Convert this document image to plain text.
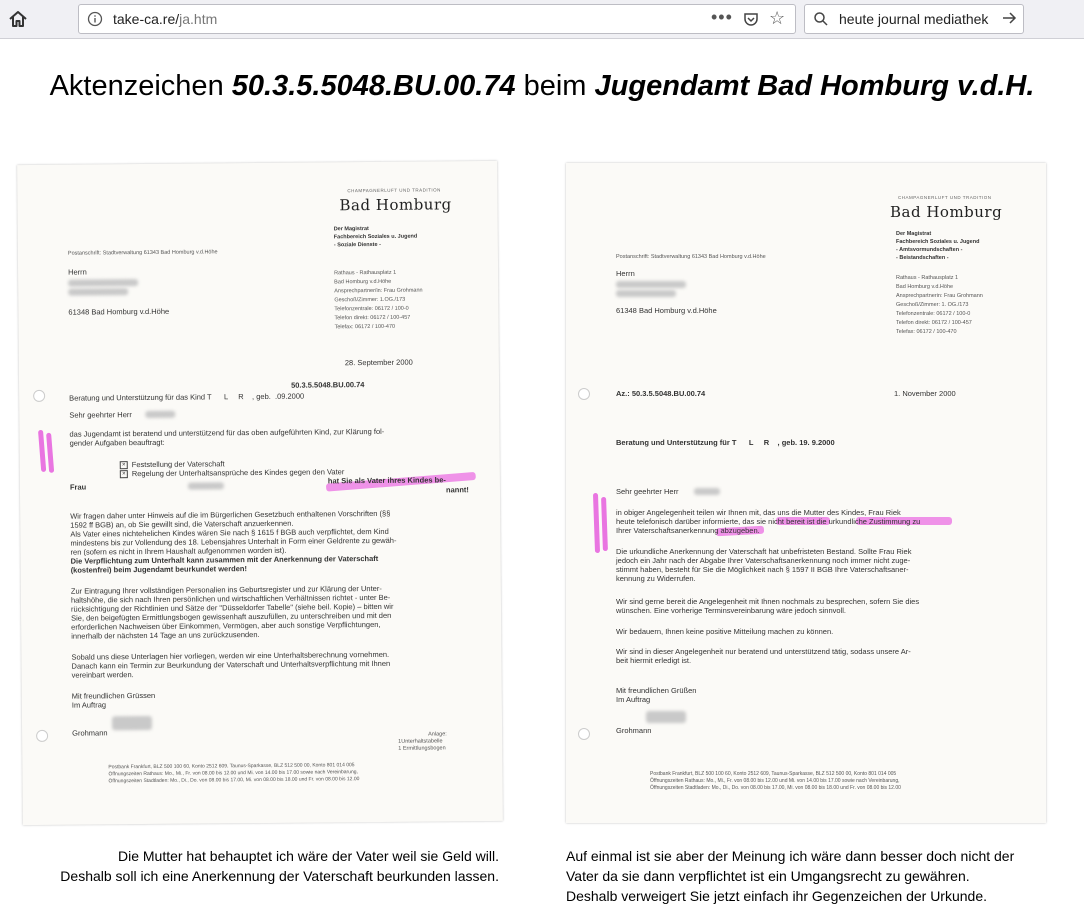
take-ca.re/ja.htm	••• ☆	heute journal mediathek
Aktenzeichen 50.3.5.5048.BU.00.74 beim Jugendamt Bad Homburg v.d.H.
CHAMPAGNERLUFT UND TRADITION
Bad Homburg
Postanschrift: Stadtverwaltung 61343 Bad Homburg v.d.Höhe
Der Magistrat
Fachbereich Soziales u. Jugend
- Soziale Dienste -
Herrn
61348 Bad Homburg v.d.Höhe
Rathaus - Rathausplatz 1
Bad Homburg v.d.Höhe
Ansprechpartner/in: Frau Grohmann
Geschoß/Zimmer: 1.OG./173
Telefonzentrale: 06172 / 100-0
Telefon direkt: 06172 / 100-457
Telefax: 06172 / 100-470
28. September 2000
50.3.5.5048.BU.00.74
Beratung und Unterstützung für das Kind T      L     R    , geb.  .09.2000
Sehr geehrter Herr
das Jugendamt ist beratend und unterstützend für das oben aufgeführten Kind, zur Klärung fol-
gender Aufgaben beauftragt:
× Feststellung der Vaterschaft
× Regelung der Unterhaltsansprüche des Kindes gegen den Vater
Frau
hat Sie als Vater ihres Kindes be-
nannt!
Wir fragen daher unter Hinweis auf die im Bürgerlichen Gesetzbuch enthaltenen Vorschriften (§§
1592 ff BGB) an, ob Sie gewillt sind, die Vaterschaft anzuerkennen.
Als Vater eines nichtehelichen Kindes wären Sie nach § 1615 f BGB auch verpflichtet, dem Kind
mindestens bis zur Vollendung des 18. Lebensjahres Unterhalt in Form einer Geldrente zu gewäh-
ren (sofern es nicht in Ihrem Haushalt aufgenommen worden ist).
Die Verpflichtung zum Unterhalt kann zusammen mit der Anerkennung der Vaterschaft
(kostenfrei) beim Jugendamt beurkundet werden!
Zur Eintragung Ihrer vollständigen Personalien ins Geburtsregister und zur Klärung der Unter-
haltshöhe, die sich nach Ihren persönlichen und wirtschaftlichen Verhältnissen richtet - unter Be-
rücksichtigung der Richtlinien und Sätze der "Düsseldorfer Tabelle" (siehe beil. Kopie) – bitten wir
Sie, den beigefügten Ermittlungsbogen gewissenhaft auszufüllen, zu unterschreiben und mit den
erforderlichen Nachweisen über Einkommen, Vermögen, aber auch sonstige Verpflichtungen,
innerhalb der nächsten 14 Tage an uns zurückzusenden.
Sobald uns diese Unterlagen hier vorliegen, werden wir eine Unterhaltsberechnung vornehmen.
Danach kann ein Termin zur Beurkundung der Vaterschaft und Unterhaltsverpflichtung mit Ihnen
vereinbart werden.
Mit freundlichen Grüssen
Im Auftrag
Grohmann	Anlage:
1Unterhaltstabelle
1 Ermittlungsbogen
Postbank Frankfurt, BLZ 500 100 60, Konto 2512 609, Taunus-Sparkasse, BLZ 512 500 00, Konto 801 014 005
Öffnungszeiten Rathaus: Mo., Mi., Fr. von 08.00 bis 12.00 und Mi. von 14.00 bis 17.00 sowie nach Vereinbarung,
Öffnungszeiten Stadtladen: Mo., Di., Do. von 08.00 bis 17.00, Mi. von 08.00 bis 18.00 und Fr. von 08.00 bis 12.00
CHAMPAGNERLUFT UND TRADITION
Bad Homburg
Postanschrift: Stadtverwaltung 61343 Bad Homburg v.d.Höhe
Der Magistrat
Fachbereich Soziales u. Jugend
- Amtsvormundschaften -
- Beistandschaften -
Herrn
61348 Bad Homburg v.d.Höhe
Rathaus - Rathausplatz 1
Bad Homburg v.d.Höhe
Ansprechpartnerin: Frau Grohmann
Geschoß/Zimmer: 1. OG./173
Telefonzentrale: 06172 / 100-0
Telefon direkt: 06172 / 100-457
Telefax: 06172 / 100-470
Az.: 50.3.5.5048.BU.00.74	1. November 2000
Beratung und Unterstützung für T      L     R    , geb. 19. 9.2000
Sehr geehrter Herr
in obiger Angelegenheit teilen wir Ihnen mit, das uns die Mutter des Kindes, Frau Riek
heute telefonisch darüber informierte, das sie nicht bereit ist die urkundliche Zustimmung zu
Ihrer Vaterschaftsanerkennung abzugeben.
Die urkundliche Anerkennung der Vaterschaft hat unbefristeten Bestand. Sollte Frau Riek
jedoch ein Jahr nach der Abgabe Ihrer Vaterschaftsanerkennung noch immer nicht zuge-
stimmt haben, besteht für Sie die Möglichkeit nach § 1597 II BGB Ihre Vaterschaftsaner-
kennung zu Widerrufen.
Wir sind gerne bereit die Angelegenheit mit Ihnen nochmals zu besprechen, sofern Sie dies
wünschen. Eine vorherige Terminsvereinbarung wäre jedoch sinnvoll.
Wir bedauern, Ihnen keine positive Mitteilung machen zu können.
Wir sind in dieser Angelegenheit nur beratend und unterstützend tätig, sodass unsere Ar-
beit hiermit erledigt ist.
Mit freundlichen Grüßen
Im Auftrag
Grohmann
Postbank Frankfurt, BLZ 500 100 60, Konto 2512 609, Taunus-Sparkasse, BLZ 512 500 00, Konto 801 014 005
Öffnungszeiten Rathaus: Mo., Mi., Fr. von 08.00 bis 12.00 und Mi. von 14.00 bis 17.00 sowie nach Vereinbarung,
Öffnungszeiten Stadtladen: Mo., Di., Do. von 08.00 bis 17.00, Mi. von 08.00 bis 18.00 und Fr. von 08.00 bis 12.00
Die Mutter hat behauptet ich wäre der Vater weil sie Geld will.
Deshalb soll ich eine Anerkennung der Vaterschaft beurkunden lassen.
Auf einmal ist sie aber der Meinung ich wäre dann besser doch nicht der
Vater da sie dann verpflichtet ist ein Umgangsrecht zu gewähren.
Deshalb verweigert Sie jetzt einfach ihr Gegenzeichen der Urkunde.
